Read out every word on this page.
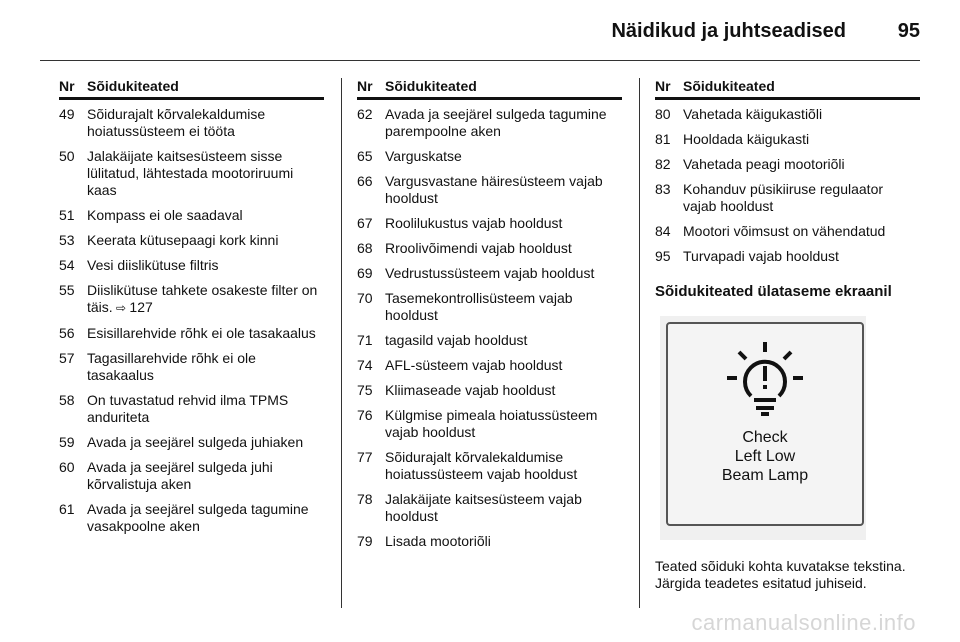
Näidikud ja juhtseadised	95
Nr Sõidukiteated
49 Sõidurajalt kõrvalekaldumise hoiatussüsteem ei tööta
50 Jalakäijate kaitsesüsteem sisse lülitatud, lähtestada mootoriruumi kaas
51 Kompass ei ole saadaval
53 Keerata kütusepaagi kork kinni
54 Vesi diislikütuse filtris
55 Diislikütuse tahkete osakeste filter on täis. ⇨ 127
56 Esisillarehvide rõhk ei ole tasakaalus
57 Tagasillarehvide rõhk ei ole tasakaalus
58 On tuvastatud rehvid ilma TPMS anduriteta
59 Avada ja seejärel sulgeda juhiaken
60 Avada ja seejärel sulgeda juhi kõrvalistuja aken
61 Avada ja seejärel sulgeda tagumine vasakpoolne aken
Nr Sõidukiteated
62 Avada ja seejärel sulgeda tagumine parempoolne aken
65 Varguskatse
66 Vargusvastane häiresüsteem vajab hooldust
67 Roolilukustus vajab hooldust
68 Rroolivõimendi vajab hooldust
69 Vedrustussüsteem vajab hooldust
70 Tasemekontrollisüsteem vajab hooldust
71 tagasild vajab hooldust
74 AFL-süsteem vajab hooldust
75 Kliimaseade vajab hooldust
76 Külgmise pimeala hoiatussüsteem vajab hooldust
77 Sõidurajalt kõrvalekaldumise hoiatussüsteem vajab hooldust
78 Jalakäijate kaitsesüsteem vajab hooldust
79 Lisada mootoriõli
Nr Sõidukiteated
80 Vahetada käigukastiõli
81 Hooldada käigukasti
82 Vahetada peagi mootoriõli
83 Kohanduv püsikiiruse regulaator vajab hooldust
84 Mootori võimsust on vähendatud
95 Turvapadi vajab hooldust
Sõidukiteated ülataseme ekraanil
Check
Left Low
Beam Lamp
Teated sõiduki kohta kuvatakse tekstina. Järgida teadetes esitatud juhiseid.
carmanualsonline.info
